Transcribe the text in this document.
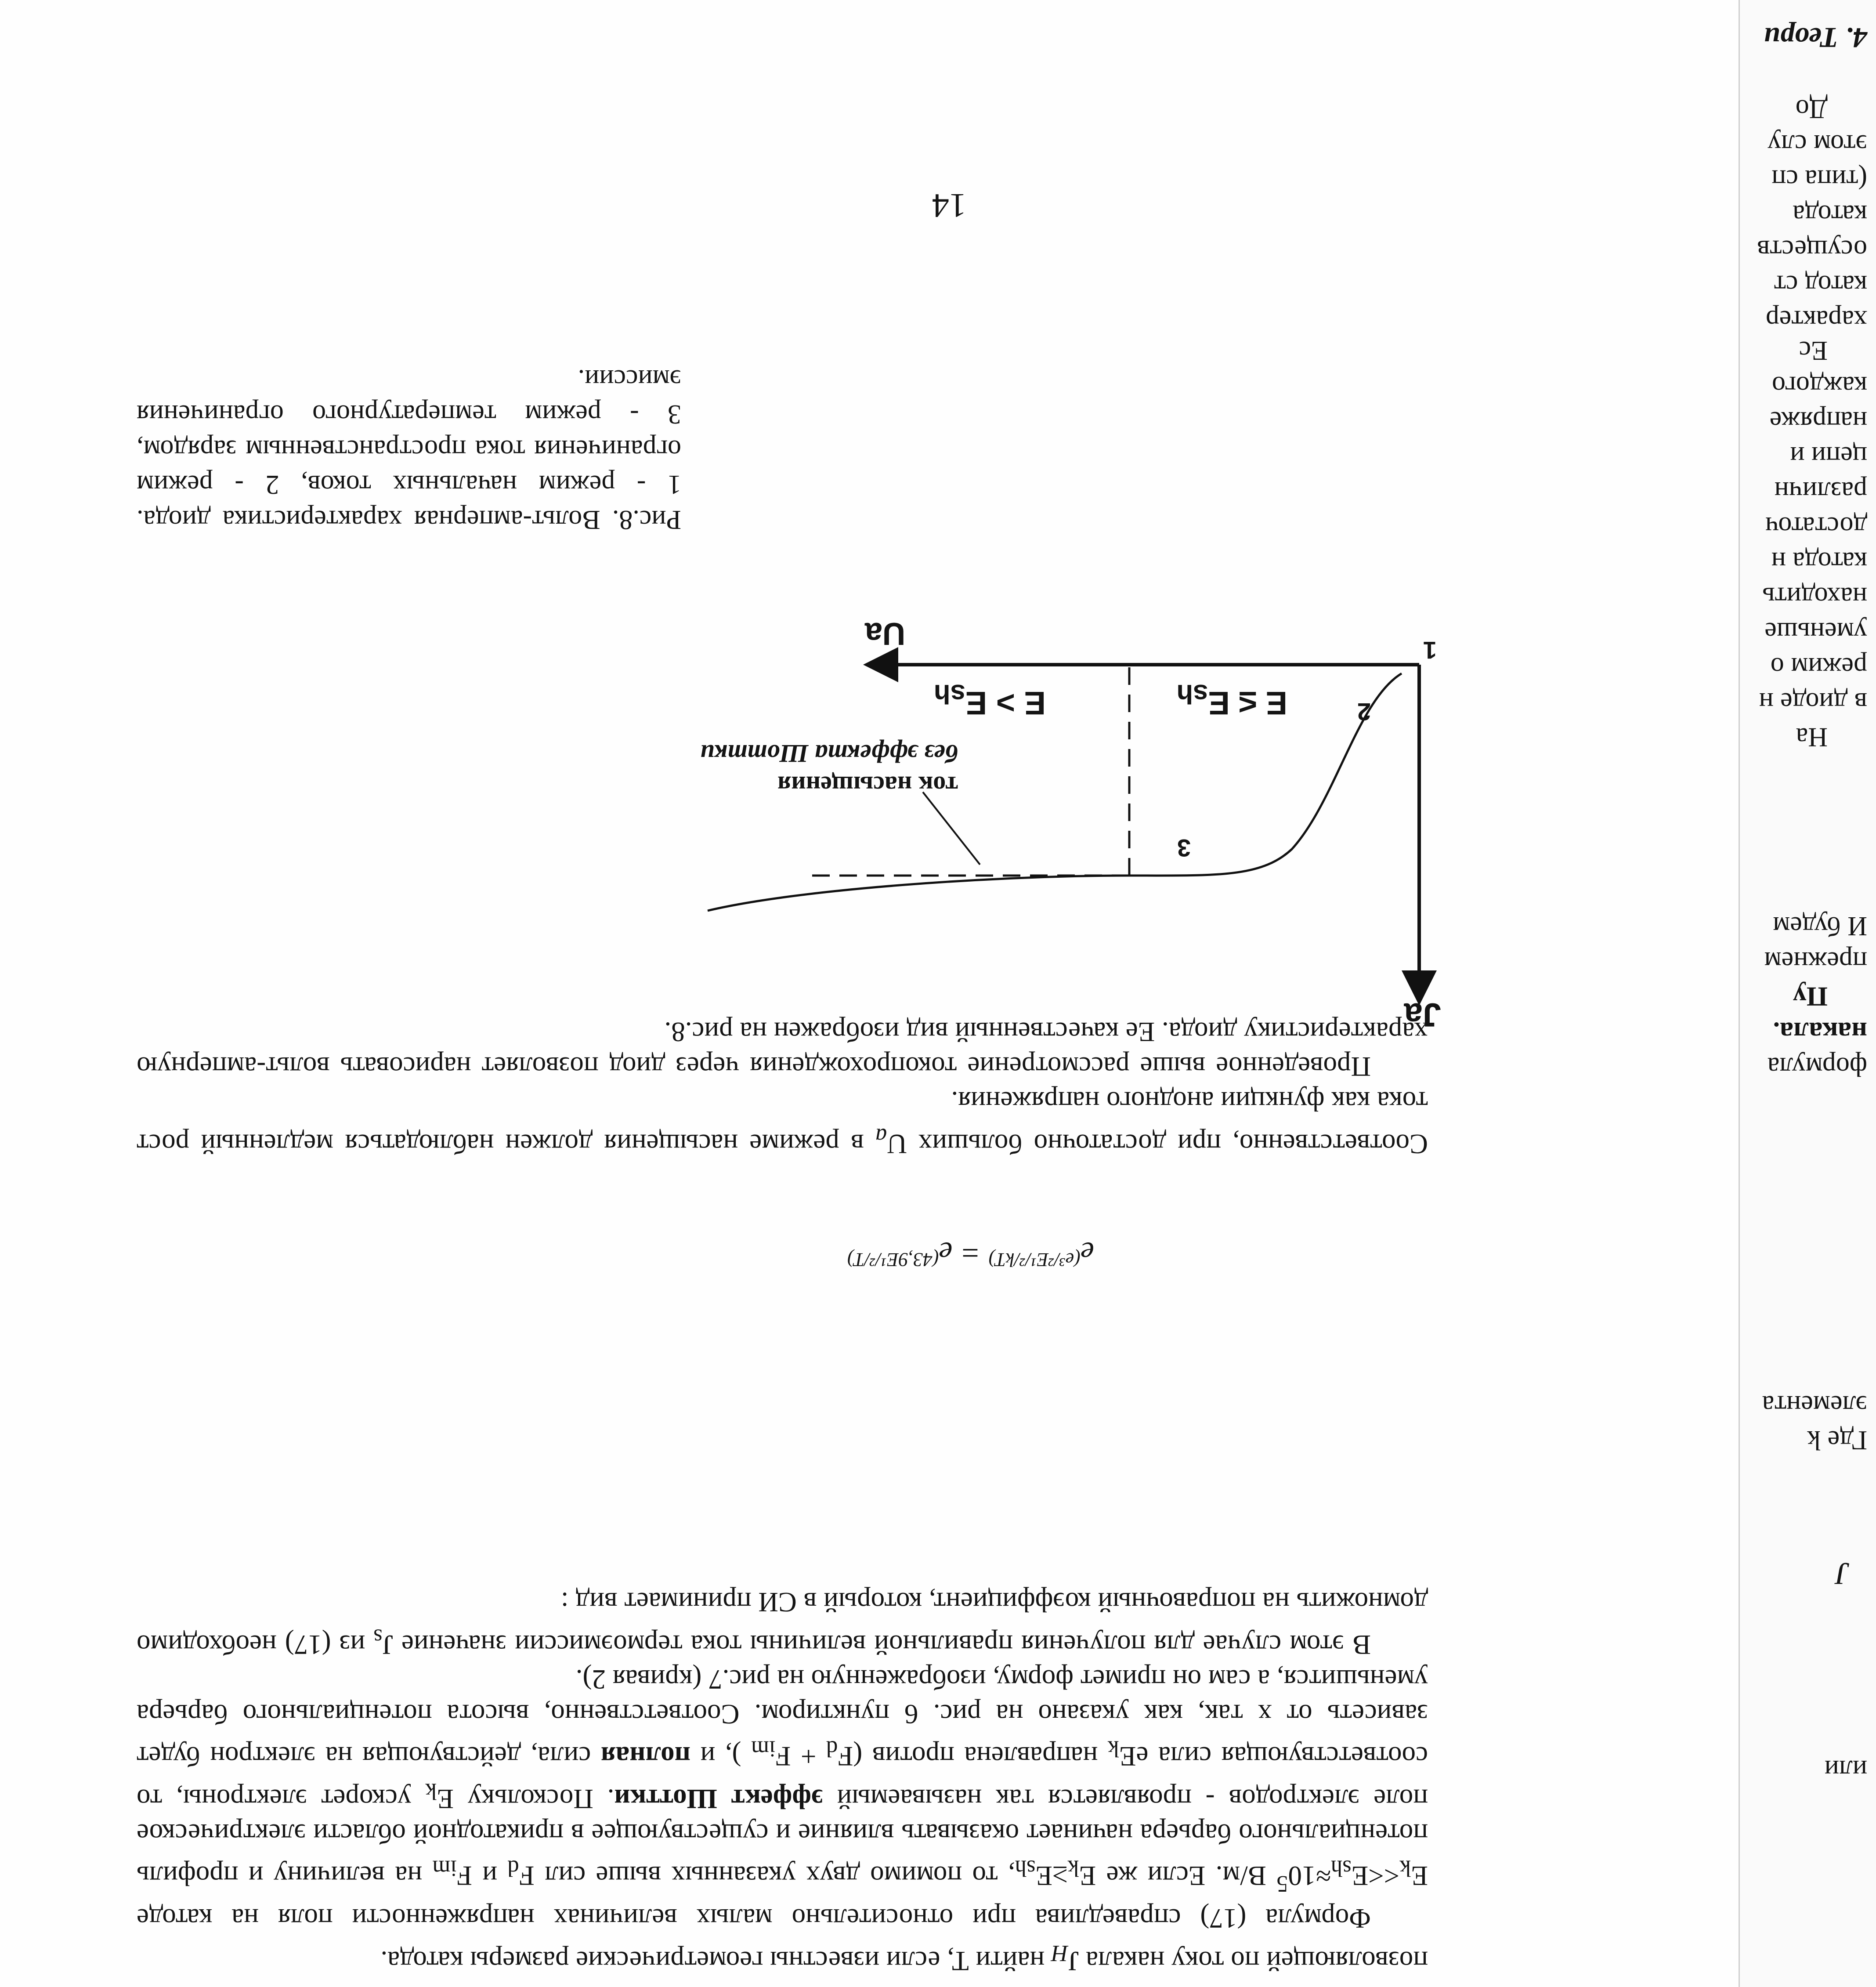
4. Теори
До
этом слу
(типа сп
катода
осуществ
катод ст
характер
Ес
каждого
напряже
цепи и
различн
достаточ
катода н
находить
уменьше
режим о
в диоде н
На
И будем
прежнем
Пу
накала.
формула
элемента
Где k
J
или

позволяющей по току накала $J_Н$ найти T, если известны геометрические размеры катода.

Формула (17) справедлива при относительно малых величинах напряженности поля на катоде $E_k<<E_{sh}\approx 10^5$ В/м. Если же $E_k\ge E_{sh}$, то помимо двух указанных выше сил $F_d$ и $F_{im}$ на величину и профиль потенциального барьера начинает оказывать влияние и существующее в прикатодной области электрическое поле электродов - проявляется так называемый эффект Шоттки. Поскольку $E_k$ ускорет электроны, то соответствующая сила $eE_k$ направлена против ($F_d + F_{im}$ ), и полная сила, действующая на электрон будет зависеть от x так, как указано на рис. 6 пунктиром. Соответственно, высота потенциального барьера уменьшится, а сам он примет форму, изображенную на рис.7 (кривая 2).

В этом случае для получения правильной величины тока термоэмиссии значение $J_s$ из (17) необходимо домножить на поправочный коэффициент, который в СИ принимает вид :

$e^{(e^3/^2E^1/^2/kT)} = e^{(43,9E^1/^2/T)}$

Соответственно, при достаточно больших $U_a$ в режиме насыщения должен наблюдаться медленный рост тока как функции анодного напряжения.

Проведенное выше рассмотрение токопрохождения через диод позволяет нарисовать вольт-амперную характеристику диода. Ее качественный вид изображен на рис.8.

Ja
Ua	1
2
3
$E \le E_{sh}$
$E > E_{sh}$
ток насыщения
без эффекта Шоттки
Рис.8. Вольт-амперная характеристика диода. 1 - режим начальных токов, 2 - режим ограничения тока пространственным зарядом, 3 - режим температурного ограничения эмиссии.
14
